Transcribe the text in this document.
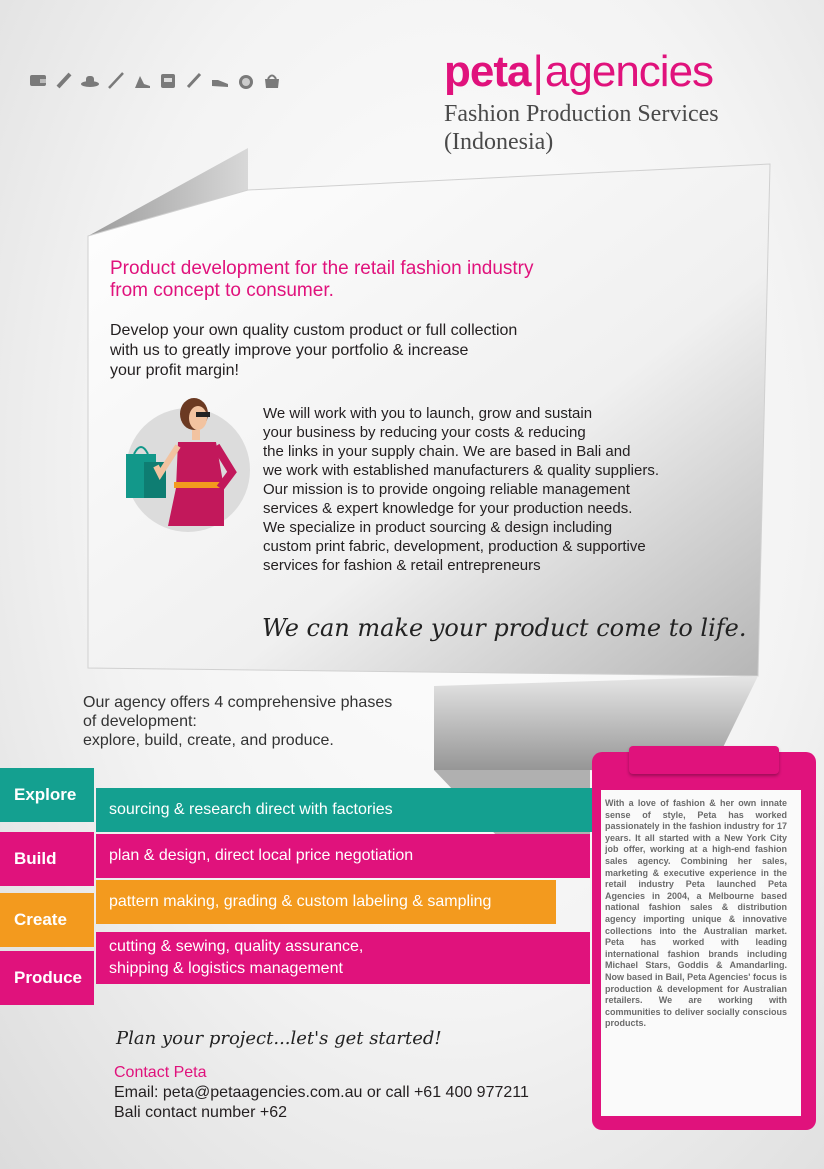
peta|agencies
Fashion Production Services
(Indonesia)
Product development for the retail fashion industry
from concept to consumer.
Develop your own quality custom product or full collection
with us to greatly improve your portfolio & increase
your profit margin!
We will work with you to launch, grow and sustain
your business by reducing your costs & reducing
the links in your supply chain. We are based in Bali and
we work with established manufacturers & quality suppliers.
Our mission is to provide ongoing reliable management
services & expert knowledge for your production needs.
We specialize in product sourcing & design including
custom print fabric, development, production & supportive
services for fashion & retail entrepreneurs
We can make your product come to life.
Our agency offers 4 comprehensive phases
of development:
explore, build, create, and produce.
Explore
sourcing & research direct with factories
Build	plan & design, direct local price negotiation
Create
pattern making, grading & custom labeling & sampling
Produce
cutting & sewing, quality assurance,
shipping & logistics management
With a love of fashion & her own innate sense of style, Peta has worked passionately in the fashion industry for 17 years. It all started with a New York City job offer, working at a high-end fashion sales agency. Combining her sales, marketing & executive experience in the retail industry Peta launched Peta Agencies in 2004, a Melbourne based national fashion sales & distribution agency importing unique & innovative collections into the Australian market. Peta has worked with leading international fashion brands including Michael Stars, Goddis & Amandarling. Now based in Bail, Peta Agencies' focus is production & development for Australian retailers. We are working with communities to deliver socially conscious products.
Plan your project...let's get started!
Contact Peta
Email: peta@petaagencies.com.au or call +61 400 977211
Bali contact number +62
